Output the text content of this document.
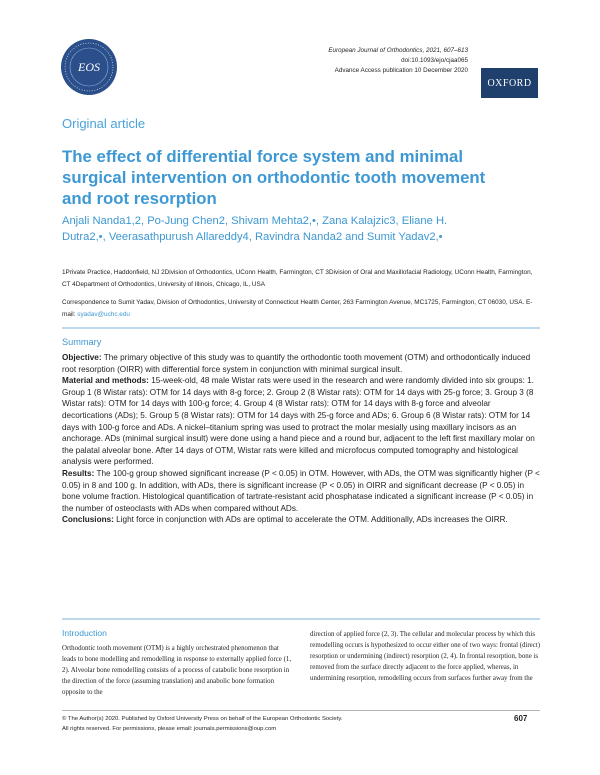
EOS
European Journal of Orthodontics, 2021, 607–613
doi:10.1093/ejo/cjaa065
Advance Access publication 10 December 2020
OXFORD
Original article
The effect of differential force system and minimal surgical intervention on orthodontic tooth movement and root resorption
Anjali Nanda1,2, Po-Jung Chen2, Shivam Mehta2,•, Zana Kalajzic3, Eliane H. Dutra2,•, Veerasathpurush Allareddy4, Ravindra Nanda2 and Sumit Yadav2,•
1Private Practice, Haddonfield, NJ 2Division of Orthodontics, UConn Health, Farmington, CT 3Division of Oral and Maxillofacial Radiology, UConn Health, Farmington, CT 4Department of Orthodontics, University of Illinois, Chicago, IL, USA
Correspondence to Sumit Yadav, Division of Orthodontics, University of Connecticut Health Center, 263 Farmington Avenue, MC1725, Farmington, CT 06030, USA. E-mail: syadav@uchc.edu
Summary

Objective: The primary objective of this study was to quantify the orthodontic tooth movement (OTM) and orthodontically induced root resorption (OIRR) with differential force system in conjunction with minimal surgical insult.

Material and methods: 15-week-old, 48 male Wistar rats were used in the research and were randomly divided into six groups: 1. Group 1 (8 Wistar rats): OTM for 14 days with 8-g force; 2. Group 2 (8 Wistar rats): OTM for 14 days with 25-g force; 3. Group 3 (8 Wistar rats): OTM for 14 days with 100-g force; 4. Group 4 (8 Wistar rats): OTM for 14 days with 8-g force and alveolar decortications (ADs); 5. Group 5 (8 Wistar rats): OTM for 14 days with 25-g force and ADs; 6. Group 6 (8 Wistar rats): OTM for 14 days with 100-g force and ADs. A nickel–titanium spring was used to protract the molar mesially using maxillary incisors as an anchorage. ADs (minimal surgical insult) were done using a hand piece and a round bur, adjacent to the left first maxillary molar on the palatal alveolar bone. After 14 days of OTM, Wistar rats were killed and microfocus computed tomography and histological analysis were performed.

Results: The 100-g group showed significant increase (P < 0.05) in OTM. However, with ADs, the OTM was significantly higher (P < 0.05) in 8 and 100 g. In addition, with ADs, there is significant increase (P < 0.05) in OIRR and significant decrease (P < 0.05) in bone volume fraction. Histological quantification of tartrate-resistant acid phosphatase indicated a significant increase (P < 0.05) in the number of osteoclasts with ADs when compared without ADs.

Conclusions: Light force in conjunction with ADs are optimal to accelerate the OTM. Additionally, ADs increases the OIRR.

Introduction
Orthodontic tooth movement (OTM) is a highly orchestrated phenomenon that leads to bone modelling and remodelling in response to externally applied force (1, 2). Alveolar bone remodelling consists of a process of catabolic bone resorption in the direction of the force (assuming translation) and anabolic bone formation opposite to the
direction of applied force (2, 3). The cellular and molecular process by which this remodelling occurs is hypothesized to occur either one of two ways: frontal (direct) resorption or undermining (indirect) resorption (2, 4). In frontal resorption, bone is removed from the surface directly adjacent to the force applied, whereas, in undermining resorption, remodelling occurs from surfaces further away from the
© The Author(s) 2020. Published by Oxford University Press on behalf of the European Orthodontic Society.
All rights reserved. For permissions, please email: journals.permissions@oup.com
607
